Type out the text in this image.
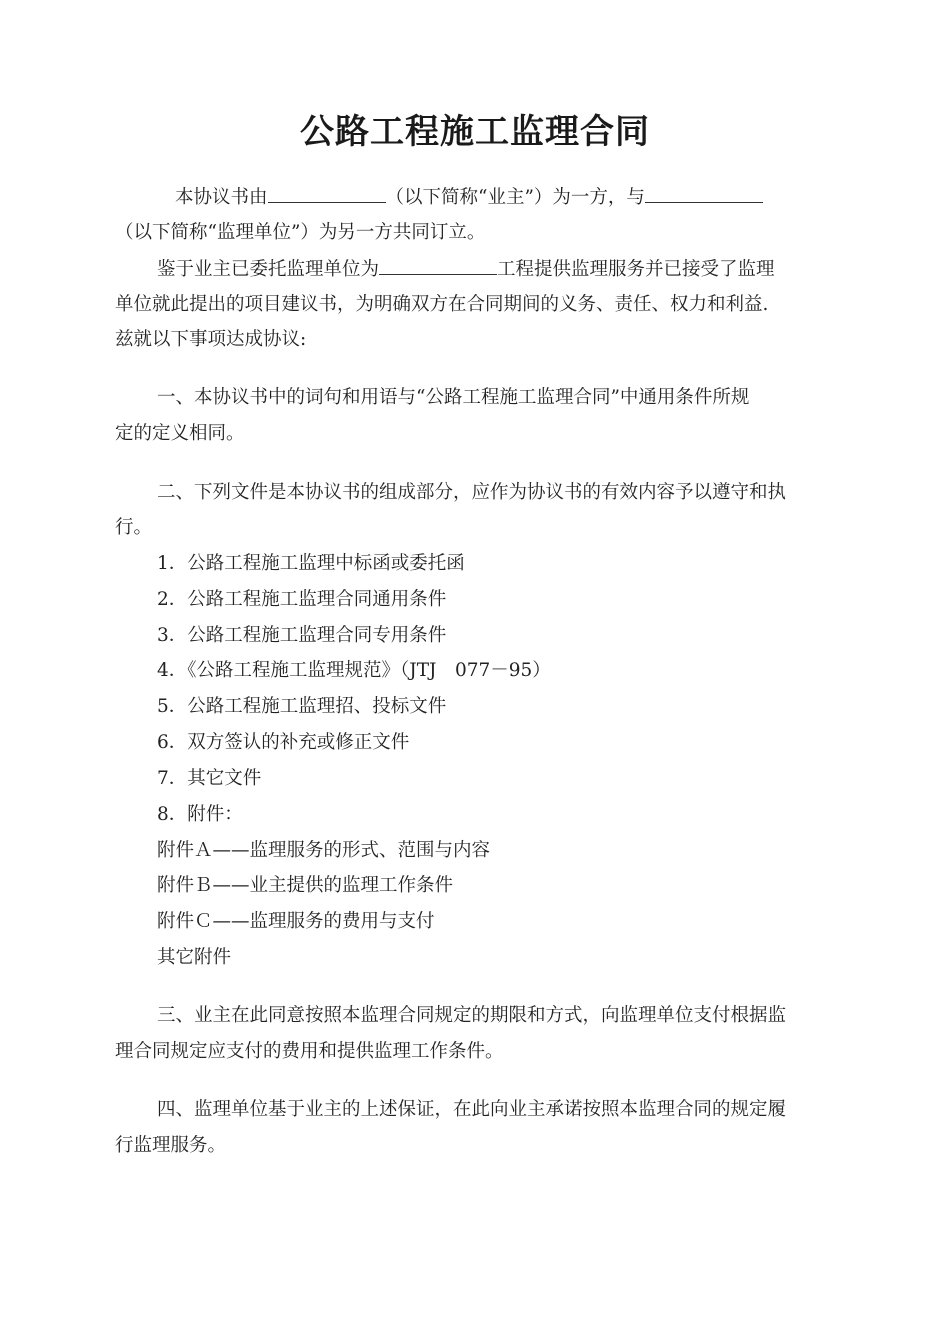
公路工程施工监理合同
本协议书由	（以下简称“业主”）为一方，与
（以下简称“监理单位”）为另一方共同订立。
鉴于业主已委托监理单位为	工程提供监理服务并已接受了监理
单位就此提出的项目建议书，为明确双方在合同期间的义务、责任、权力和利益.
兹就以下事项达成协议:
一、本协议书中的词句和用语与“公路工程施工监理合同”中通用条件所规
定的定义相同。
二、下列文件是本协议书的组成部分，应作为协议书的有效内容予以遵守和执
行。
1．公路工程施工监理中标函或委托函
2．公路工程施工监理合同通用条件
3．公路工程施工监理合同专用条件
4．《公路工程施工监理规范》（JTJ　077－95）
5．公路工程施工监理招、投标文件
6．双方签认的补充或修正文件
7．其它文件
8．附件：
附件Ａ——监理服务的形式、范围与内容
附件Ｂ——业主提供的监理工作条件
附件Ｃ——监理服务的费用与支付
其它附件
三、业主在此同意按照本监理合同规定的期限和方式，向监理单位支付根据监
理合同规定应支付的费用和提供监理工作条件。
四、监理单位基于业主的上述保证，在此向业主承诺按照本监理合同的规定履
行监理服务。
